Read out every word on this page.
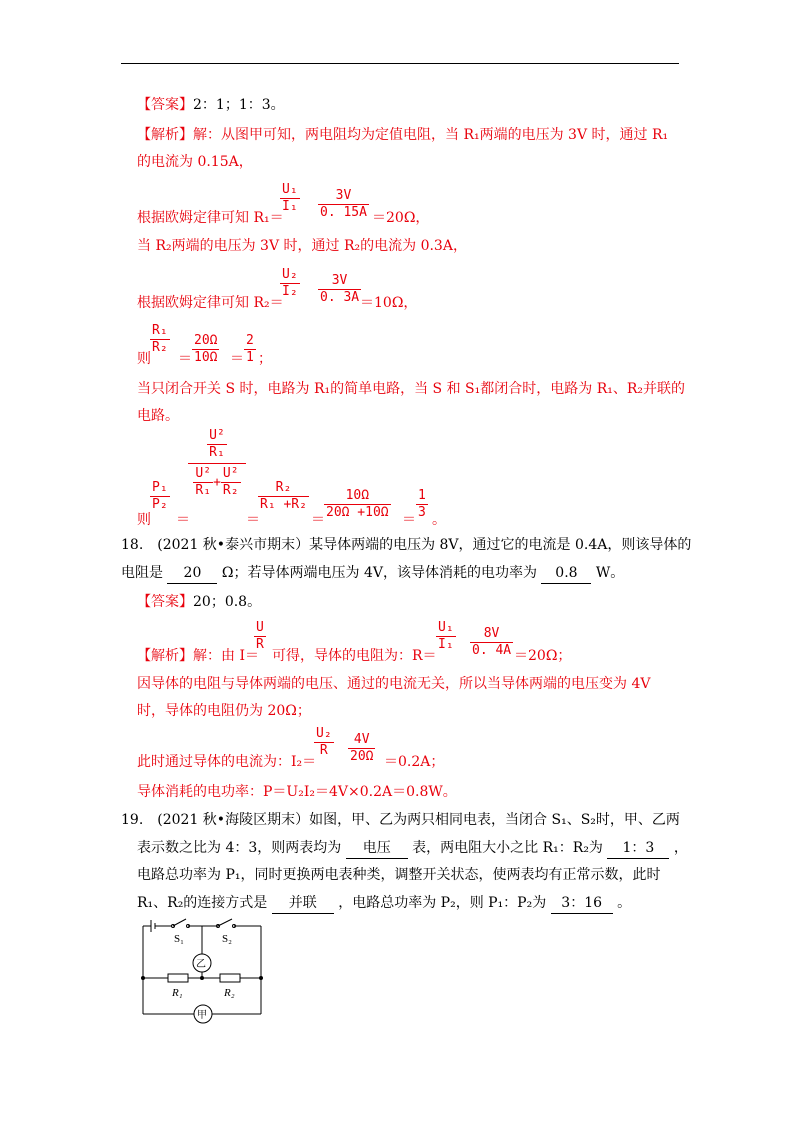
【答案】2：1；1：3。
【解析】解：从图甲可知，两电阻均为定值电阻，当 R₁两端的电压为 3V 时，通过 R₁
的电流为 0.15A，
根据欧姆定律可知 R₁＝
$\frac{\text{U₁}}{\text{I₁}} \frac{3V}{0. 15A} =20\Omega$，
当 R₂两端的电压为 3V 时，通过 R₂的电流为 0.3A，
根据欧姆定律可知 R₂＝
$\frac{\text{U₂}}{\text{I₂}} \frac{3V}{0. 3A}$
＝10Ω，
则
$\frac{\text{R₁}}{\text{R₂}}$
＝ $\frac{20\Omega}{10\Omega} = \frac{2}{1}$ ；
当只闭合开关 S 时，电路为 R₁的简单电路，当 S 和 S₁都闭合时，电路为 R₁、R₂并联的
电路。
则
$\frac{\text{P₁}}{\text{P₂}}$
＝
$\frac{\text{U²}}{\text{R₁}}$
$\frac{\text{U²}}{\text{R₁}} + \frac{\text{U²}}{\text{R₂}}$
＝
$\frac{\text{R₂}}{\text{R₁ +R₂}}$
＝ $\frac{10\Omega}{20\Omega +10\Omega} = \frac{1}{3}$ 。
18.　(2021 秋•泰兴市期末）某导体两端的电压为 8V，通过它的电流是 0.4A，则该导体的
电阻是 20 Ω；若导体两端电压为 4V，该导体消耗的电功率为 0.8 W。
【答案】20；0.8。
【解析】解：由 I＝
$\frac{U}{R}$
可得，导体的电阻为：R＝
$\frac{\text{U₁}}{\text{I₁}} \frac{8V}{0. 4A} =20\Omega$；
因导体的电阻与导体两端的电压、通过的电流无关，所以当导体两端的电压变为 4V
时，导体的电阻仍为 20Ω；
此时通过导体的电流为：I₂＝
$\frac{\text{U₂}}{R} \frac{4V}{20\Omega} =0.2A$；
导体消耗的电功率：P＝U₂I₂＝4V×0.2A＝0.8W。
19.　(2021 秋•海陵区期末）如图，甲、乙为两只相同电表，当闭合 S₁、S₂时，甲、乙两
表示数之比为 4：3，则两表均为 电压 表，两电阻大小之比 R₁：R₂为 1：3 ，
电路总功率为 P₁，同时更换两电表种类，调整开关状态，使两表均有正常示数，此时
R₁、R₂的连接方式是 并联 ，电路总功率为 P₂，则 P₁：P₂为 3：16 。
S₁	S₂
乙
R₁	R₂
甲
